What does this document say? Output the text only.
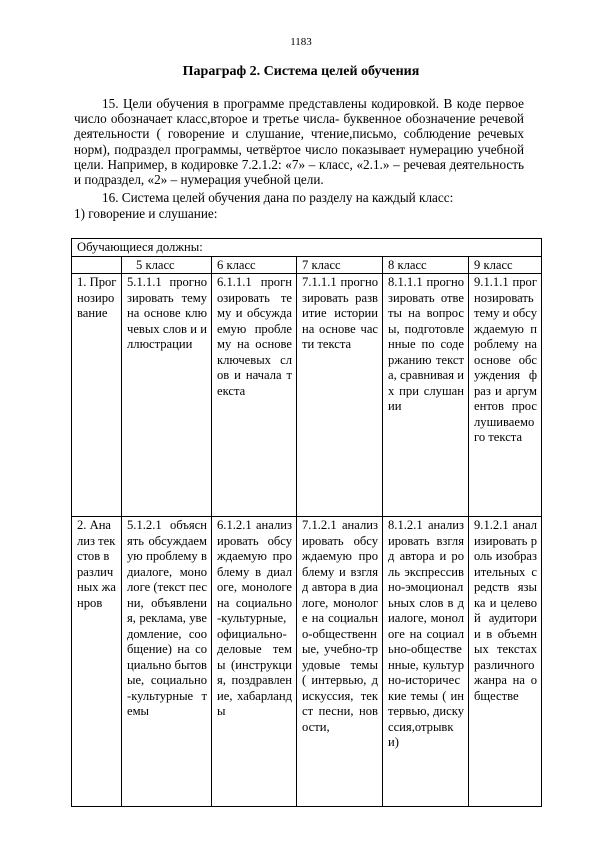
1183
Параграф 2. Система целей обучения

15. Цели обучения в программе представлены кодировкой. В коде первое число обозначает класс,второе и третье числа- буквенное обозначение речевой деятельности ( говорение и слушание, чтение,письмо, соблюдение речевых норм), подраздел программы, четвёртое число показывает нумерацию учебной цели. Например, в кодировке 7.2.1.2: «7» – класс, «2.1.» – речевая деятельность и подраздел, «2» – нумерация учебной цели.

16. Система целей обучения дана по разделу на каждый класс:

1) говорение и слушание:
Обучающиеся должны:					
	5 класс	6 класс	7 класс	8 класс	9 класс
1. Прогнозирование	5.1.1.1 прогнозировать тему на основе ключевых слов и иллюстрации	6.1.1.1 прогнозировать тему и обсуждаемую проблему на основе ключевых слов и начала текста	7.1.1.1 прогнозировать развитие истории на основе части текста	8.1.1.1 прогнозировать ответы на вопросы, подготовленные по содержанию текста, сравнивая их при слушании	9.1.1.1 прогнозировать тему и обсуждаемую проблему на основе обсуждения фраз и аргументов прослушиваемого текста
2. Анализ текстов в различных жанров	5.1.2.1 объяснять обсуждаемую проблему в диалоге, монологе (текст песни, объявления, реклама, уведомление, сообщение) на социально бытовые, социально-культурные темы	6.1.2.1 анализировать обсуждаемую проблему в диалоге, монологе на социально-культурные, официально-деловые темы (инструкция, поздравление, хабарланды	7.1.2.1 анализировать обсуждаемую проблему и взгляд автора в диалоге, монологе на социально-общественные, учебно-трудовые темы ( интервью, дискуссия, текст песни, новости,	8.1.2.1 анализировать взгляд автора и роль экспрессивно-эмоциональных слов в диалоге, монологе на социально-общественные, культурно-исторические темы ( интервью, дискуссия,отрывки)	9.1.2.1 анализировать роль изобразительных средств языка и целевой аудитории в объемных текстах различного жанра на обществе
